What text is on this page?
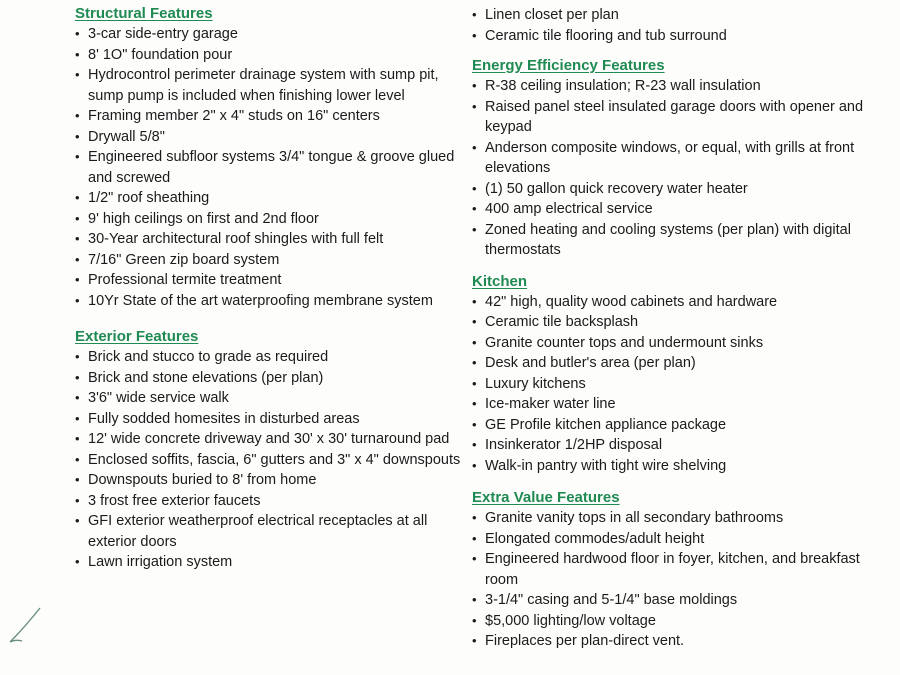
Structural Features
• 3-car side-entry garage
• 8' 1O" foundation pour
• Hydrocontrol perimeter drainage system with sump pit, sump pump is included when finishing lower level
• Framing member 2" x 4" studs on 16" centers
• Drywall 5/8"
• Engineered subfloor systems 3/4" tongue & groove glued and screwed
• 1/2" roof sheathing
• 9' high ceilings on first and 2nd floor
• 30-Year architectural roof shingles with full felt
• 7/16" Green zip board system
• Professional termite treatment
• 10Yr State of the art waterproofing membrane system
Exterior Features
• Brick and stucco to grade as required
• Brick and stone elevations (per plan)
• 3'6" wide service walk
• Fully sodded homesites in disturbed areas
• 12' wide concrete driveway and 30' x 30' turnaround pad
• Enclosed soffits, fascia, 6" gutters and 3" x 4" downspouts
• Downspouts buried to 8' from home
• 3 frost free exterior faucets
• GFI exterior weatherproof electrical receptacles at all exterior doors
• Lawn irrigation system
• Linen closet per plan
• Ceramic tile flooring and tub surround
Energy Efficiency Features
• R-38 ceiling insulation; R-23 wall insulation
• Raised panel steel insulated garage doors with opener and keypad
• Anderson composite windows, or equal, with grills at front elevations
• (1) 50 gallon quick recovery water heater
• 400 amp electrical service
• Zoned heating and cooling systems (per plan) with digital thermostats
Kitchen
• 42" high, quality wood cabinets and hardware
• Ceramic tile backsplash
• Granite counter tops and undermount sinks
• Desk and butler's area (per plan)
• Luxury kitchens
• Ice-maker water line
• GE Profile kitchen appliance package
• Insinkerator 1/2HP disposal
• Walk-in pantry with tight wire shelving
Extra Value Features
• Granite vanity tops in all secondary bathrooms
• Elongated commodes/adult height
• Engineered hardwood floor in foyer, kitchen, and breakfast room
• 3-1/4" casing and 5-1/4" base moldings
• $5,000 lighting/low voltage
• Fireplaces per plan-direct vent.
